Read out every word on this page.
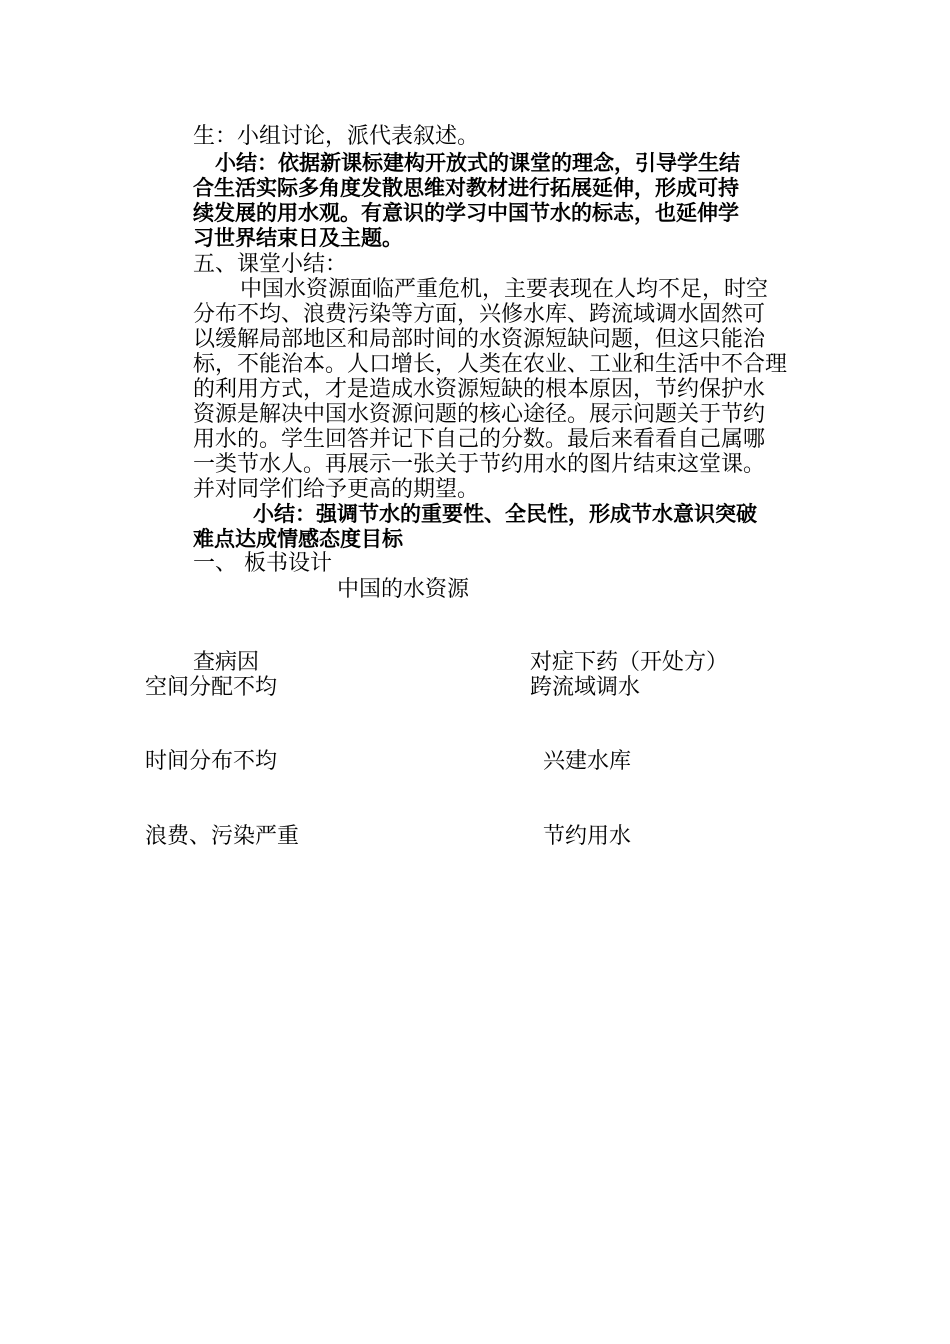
生：小组讨论，派代表叙述。
小结：依据新课标建构开放式的课堂的理念，引导学生结
合生活实际多角度发散思维对教材进行拓展延伸，形成可持
续发展的用水观。有意识的学习中国节水的标志，也延伸学
习世界结束日及主题。
五、课堂小结：
中国水资源面临严重危机，主要表现在人均不足，时空
分布不均、浪费污染等方面，兴修水库、跨流域调水固然可
以缓解局部地区和局部时间的水资源短缺问题，但这只能治
标，不能治本。人口增长，人类在农业、工业和生活中不合理
的利用方式，才是造成水资源短缺的根本原因，节约保护水
资源是解决中国水资源问题的核心途径。展示问题关于节约
用水的。学生回答并记下自己的分数。最后来看看自己属哪
一类节水人。再展示一张关于节约用水的图片结束这堂课。
并对同学们给予更高的期望。
小结：强调节水的重要性、全民性，形成节水意识突破
难点达成情感态度目标
一、 板书设计
中国的水资源
查病因	对症下药（开处方）
空间分配不均	跨流域调水
时间分布不均	兴建水库
浪费、污染严重	节约用水
